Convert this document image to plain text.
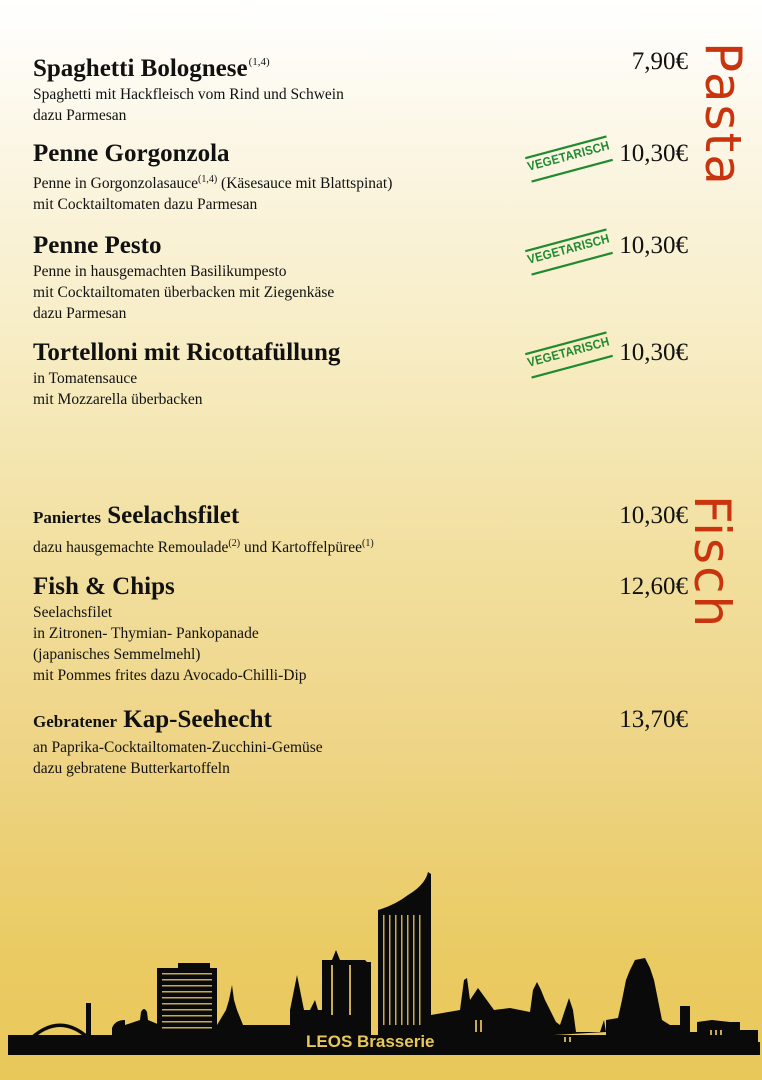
Pasta
Fisch
Spaghetti Bolognese$^{(1,4)}$
Spaghetti mit Hackfleisch vom Rind und Schwein
dazu Parmesan
7,90€
Penne Gorgonzola
Penne in Gorgonzolasauce$^{(1,4)}$ (Käsesauce mit Blattspinat)
mit Cocktailtomaten dazu Parmesan
VEGETARISCH 10,30€
Penne Pesto
Penne in hausgemachten Basilikumpesto
mit Cocktailtomaten überbacken mit Ziegenkäse
dazu Parmesan
VEGETARISCH 10,30€
Tortelloni mit Ricottafüllung
in Tomatensauce
mit Mozzarella überbacken
VEGETARISCH 10,30€
Paniertes Seelachsfilet
dazu hausgemachte Remoulade$^{(2)}$ und Kartoffelpüree$^{(1)}$
10,30€
Fish & Chips
Seelachsfilet
in Zitronen- Thymian- Pankopanade
(japanisches Semmelmehl)
mit Pommes frites dazu Avocado-Chilli-Dip
12,60€
Gebratener Kap-Seehecht
an Paprika-Cocktailtomaten-Zucchini-Gemüse
dazu gebratene Butterkartoffeln
13,70€
LEOS Brasserie
